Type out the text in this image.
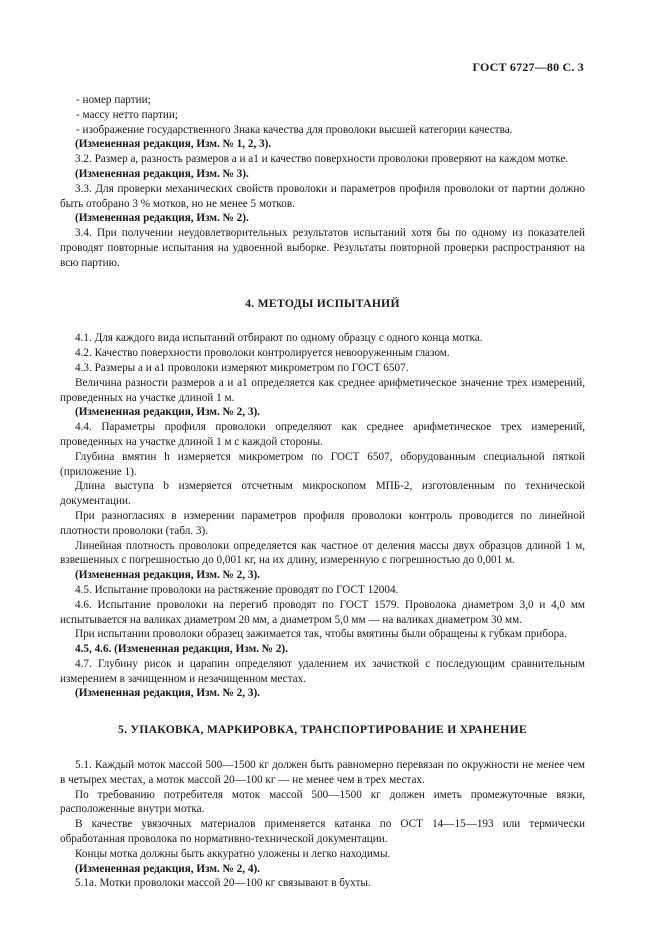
ГОСТ 6727—80 С. 3

- номер партии;

- массу нетто партии;

- изображение государственного Знака качества для проволоки высшей категории качества.

(Измененная редакция, Изм. № 1, 2, 3).

3.2. Размер a, разность размеров a и a1 и качество поверхности проволоки проверяют на каждом мотке.

(Измененная редакция, Изм. № 3).

3.3. Для проверки механических свойств проволоки и параметров профиля проволоки от партии должно быть отобрано 3 % мотков, но не менее 5 мотков.

(Измененная редакция, Изм. № 2).

3.4. При получении неудовлетворительных результатов испытаний хотя бы по одному из показателей проводят повторные испытания на удвоенной выборке. Результаты повторной проверки распространяют на всю партию.

4. МЕТОДЫ ИСПЫТАНИЙ

4.1. Для каждого вида испытаний отбирают по одному образцу с одного конца мотка.

4.2. Качество поверхности проволоки контролируется невооруженным глазом.

4.3. Размеры a и a1 проволоки измеряют микрометром по ГОСТ 6507.

Величина разности размеров a и a1 определяется как среднее арифметическое значение трех измерений, проведенных на участке длиной 1 м.

(Измененная редакция, Изм. № 2, 3).

4.4. Параметры профиля проволоки определяют как среднее арифметическое трех измерений, проведенных на участке длиной 1 м с каждой стороны.

Глубина вмятин h измеряется микрометром по ГОСТ 6507, оборудованным специальной пяткой (приложение 1).

Длина выступа b измеряется отсчетным микроскопом МПБ-2, изготовленным по технической документации.

При разногласиях в измерении параметров профиля проволоки контроль проводится по линейной плотности проволоки (табл. 3).

Линейная плотность проволоки определяется как частное от деления массы двух образцов длиной 1 м, взвешенных с погрешностью до 0,001 кг, на их длину, измеренную с погрешностью до 0,001 м.

(Измененная редакция, Изм. № 2, 3).

4.5. Испытание проволоки на растяжение проводят по ГОСТ 12004.

4.6. Испытание проволоки на перегиб проводят по ГОСТ 1579. Проволока диаметром 3,0 и 4,0 мм испытывается на валиках диаметром 20 мм, а диаметром 5,0 мм — на валиках диаметром 30 мм.

При испытании проволоки образец зажимается так, чтобы вмятины были обращены к губкам прибора.

4.5, 4.6. (Измененная редакция, Изм. № 2).

4.7. Глубину рисок и царапин определяют удалением их зачисткой с последующим сравнительным измерением в зачищенном и незачищенном местах.

(Измененная редакция, Изм. № 2, 3).

5. УПАКОВКА, МАРКИРОВКА, ТРАНСПОРТИРОВАНИЕ И ХРАНЕНИЕ

5.1. Каждый моток массой 500—1500 кг должен быть равномерно перевязан по окружности не менее чем в четырех местах, а моток массой 20—100 кг — не менее чем в трех местах.

По требованию потребителя моток массой 500—1500 кг должен иметь промежуточные вязки, расположенные внутри мотка.

В качестве увязочных материалов применяется катанка по ОСТ 14—15—193 или термически обработанная проволока по нормативно-технической документации.

Концы мотка должны быть аккуратно уложены и легко находимы.

(Измененная редакция, Изм. № 2, 4).

5.1а. Мотки проволоки массой 20—100 кг связывают в бухты.
